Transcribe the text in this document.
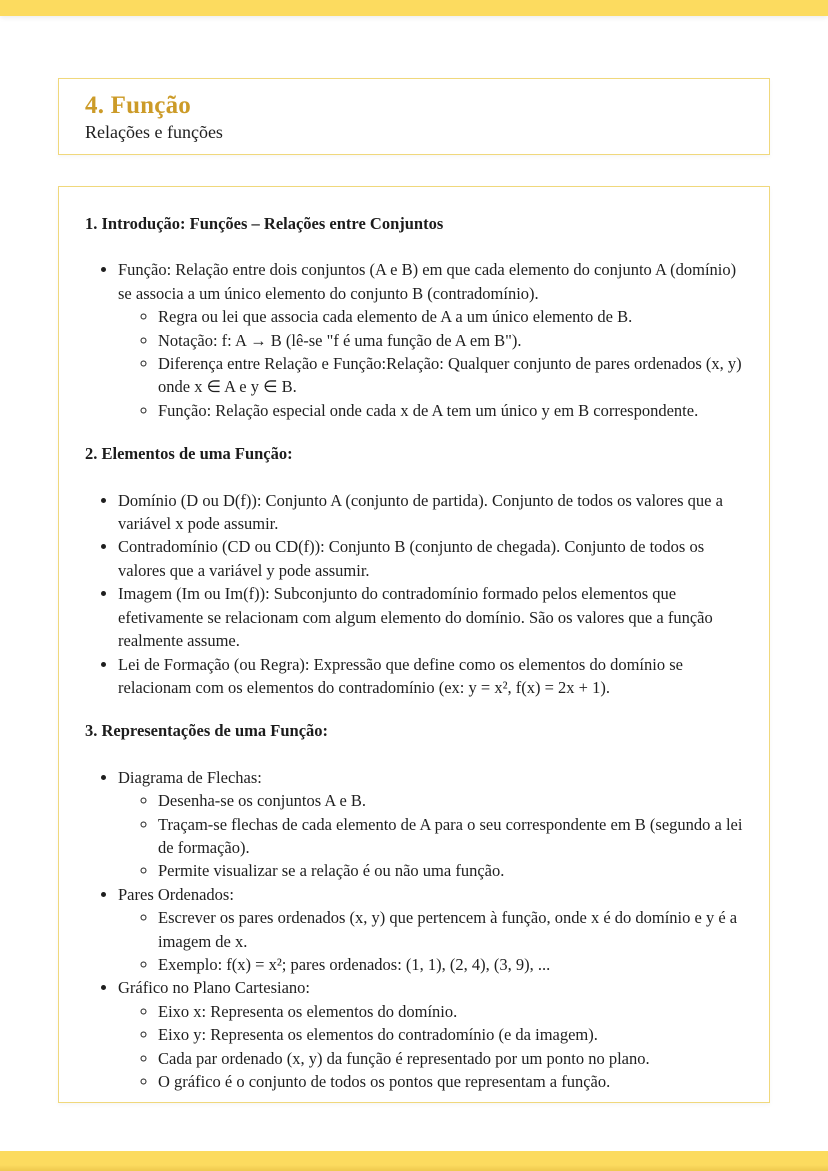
4. Função

Relações e funções

1. Introdução: Funções – Relações entre Conjuntos
• Função: Relação entre dois conjuntos (A e B) em que cada elemento do conjunto A (domínio) se associa a um único elemento do conjunto B (contradomínio).
◦ Regra ou lei que associa cada elemento de A a um único elemento de B.
◦ Notação: f: A → B (lê-se "f é uma função de A em B").
◦ Diferença entre Relação e Função:Relação: Qualquer conjunto de pares ordenados (x, y) onde x ∈ A e y ∈ B.
◦ Função: Relação especial onde cada x de A tem um único y em B correspondente.
2. Elementos de uma Função:
• Domínio (D ou D(f)): Conjunto A (conjunto de partida). Conjunto de todos os valores que a variável x pode assumir.
• Contradomínio (CD ou CD(f)): Conjunto B (conjunto de chegada). Conjunto de todos os valores que a variável y pode assumir.
• Imagem (Im ou Im(f)): Subconjunto do contradomínio formado pelos elementos que efetivamente se relacionam com algum elemento do domínio. São os valores que a função realmente assume.
• Lei de Formação (ou Regra): Expressão que define como os elementos do domínio se relacionam com os elementos do contradomínio (ex: y = x², f(x) = 2x + 1).
3. Representações de uma Função:
• Diagrama de Flechas:
◦ Desenha-se os conjuntos A e B.
◦ Traçam-se flechas de cada elemento de A para o seu correspondente em B (segundo a lei de formação).
◦ Permite visualizar se a relação é ou não uma função.
• Pares Ordenados:
◦ Escrever os pares ordenados (x, y) que pertencem à função, onde x é do domínio e y é a imagem de x.
◦ Exemplo: f(x) = x²; pares ordenados: (1, 1), (2, 4), (3, 9), ...
• Gráfico no Plano Cartesiano:
◦ Eixo x: Representa os elementos do domínio.
◦ Eixo y: Representa os elementos do contradomínio (e da imagem).
◦ Cada par ordenado (x, y) da função é representado por um ponto no plano.
◦ O gráfico é o conjunto de todos os pontos que representam a função.
